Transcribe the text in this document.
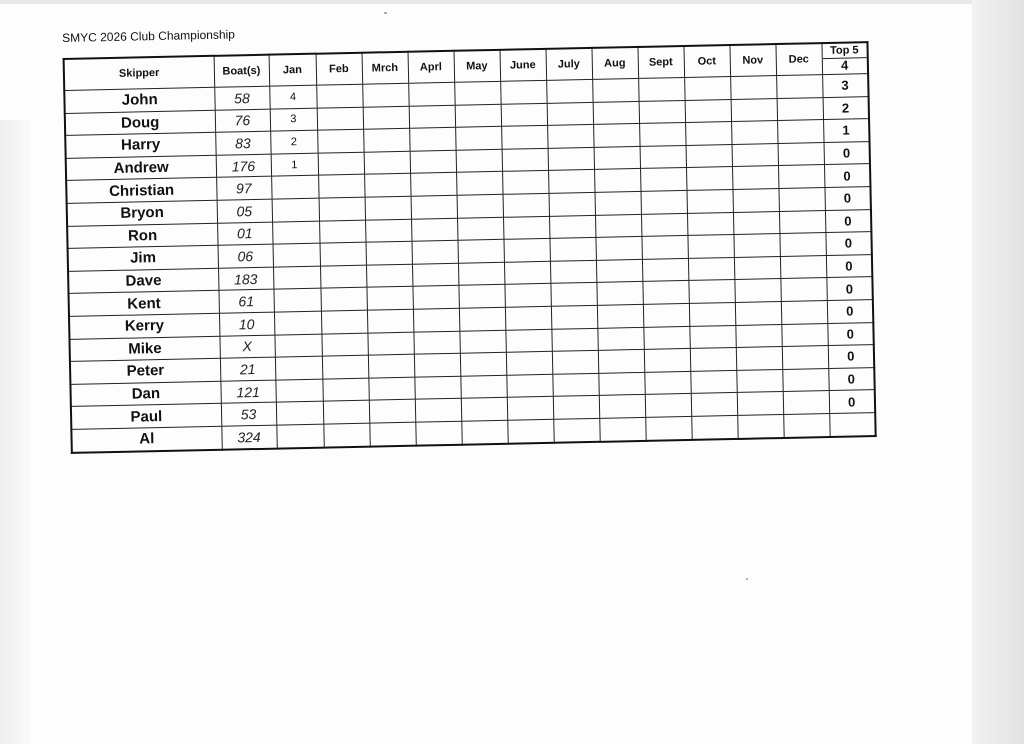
SMYC 2026 Club Championship
Skipper	Boat(s)	Jan	Feb	Mrch	Aprl	May	June	July	Aug	Sept	Oct	Nov	Dec	Top 5
4

John	58	4												3
Doug	76	3												2
Harry	83	2												1
Andrew	176	1												0
Christian	97													0
Bryon	05													0
Ron	01													0
Jim	06													0
Dave	183													0
Kent	61													0
Kerry	10													0
Mike	X													0
Peter	21													0
Dan	121													0
Paul	53													0
Al	324													
